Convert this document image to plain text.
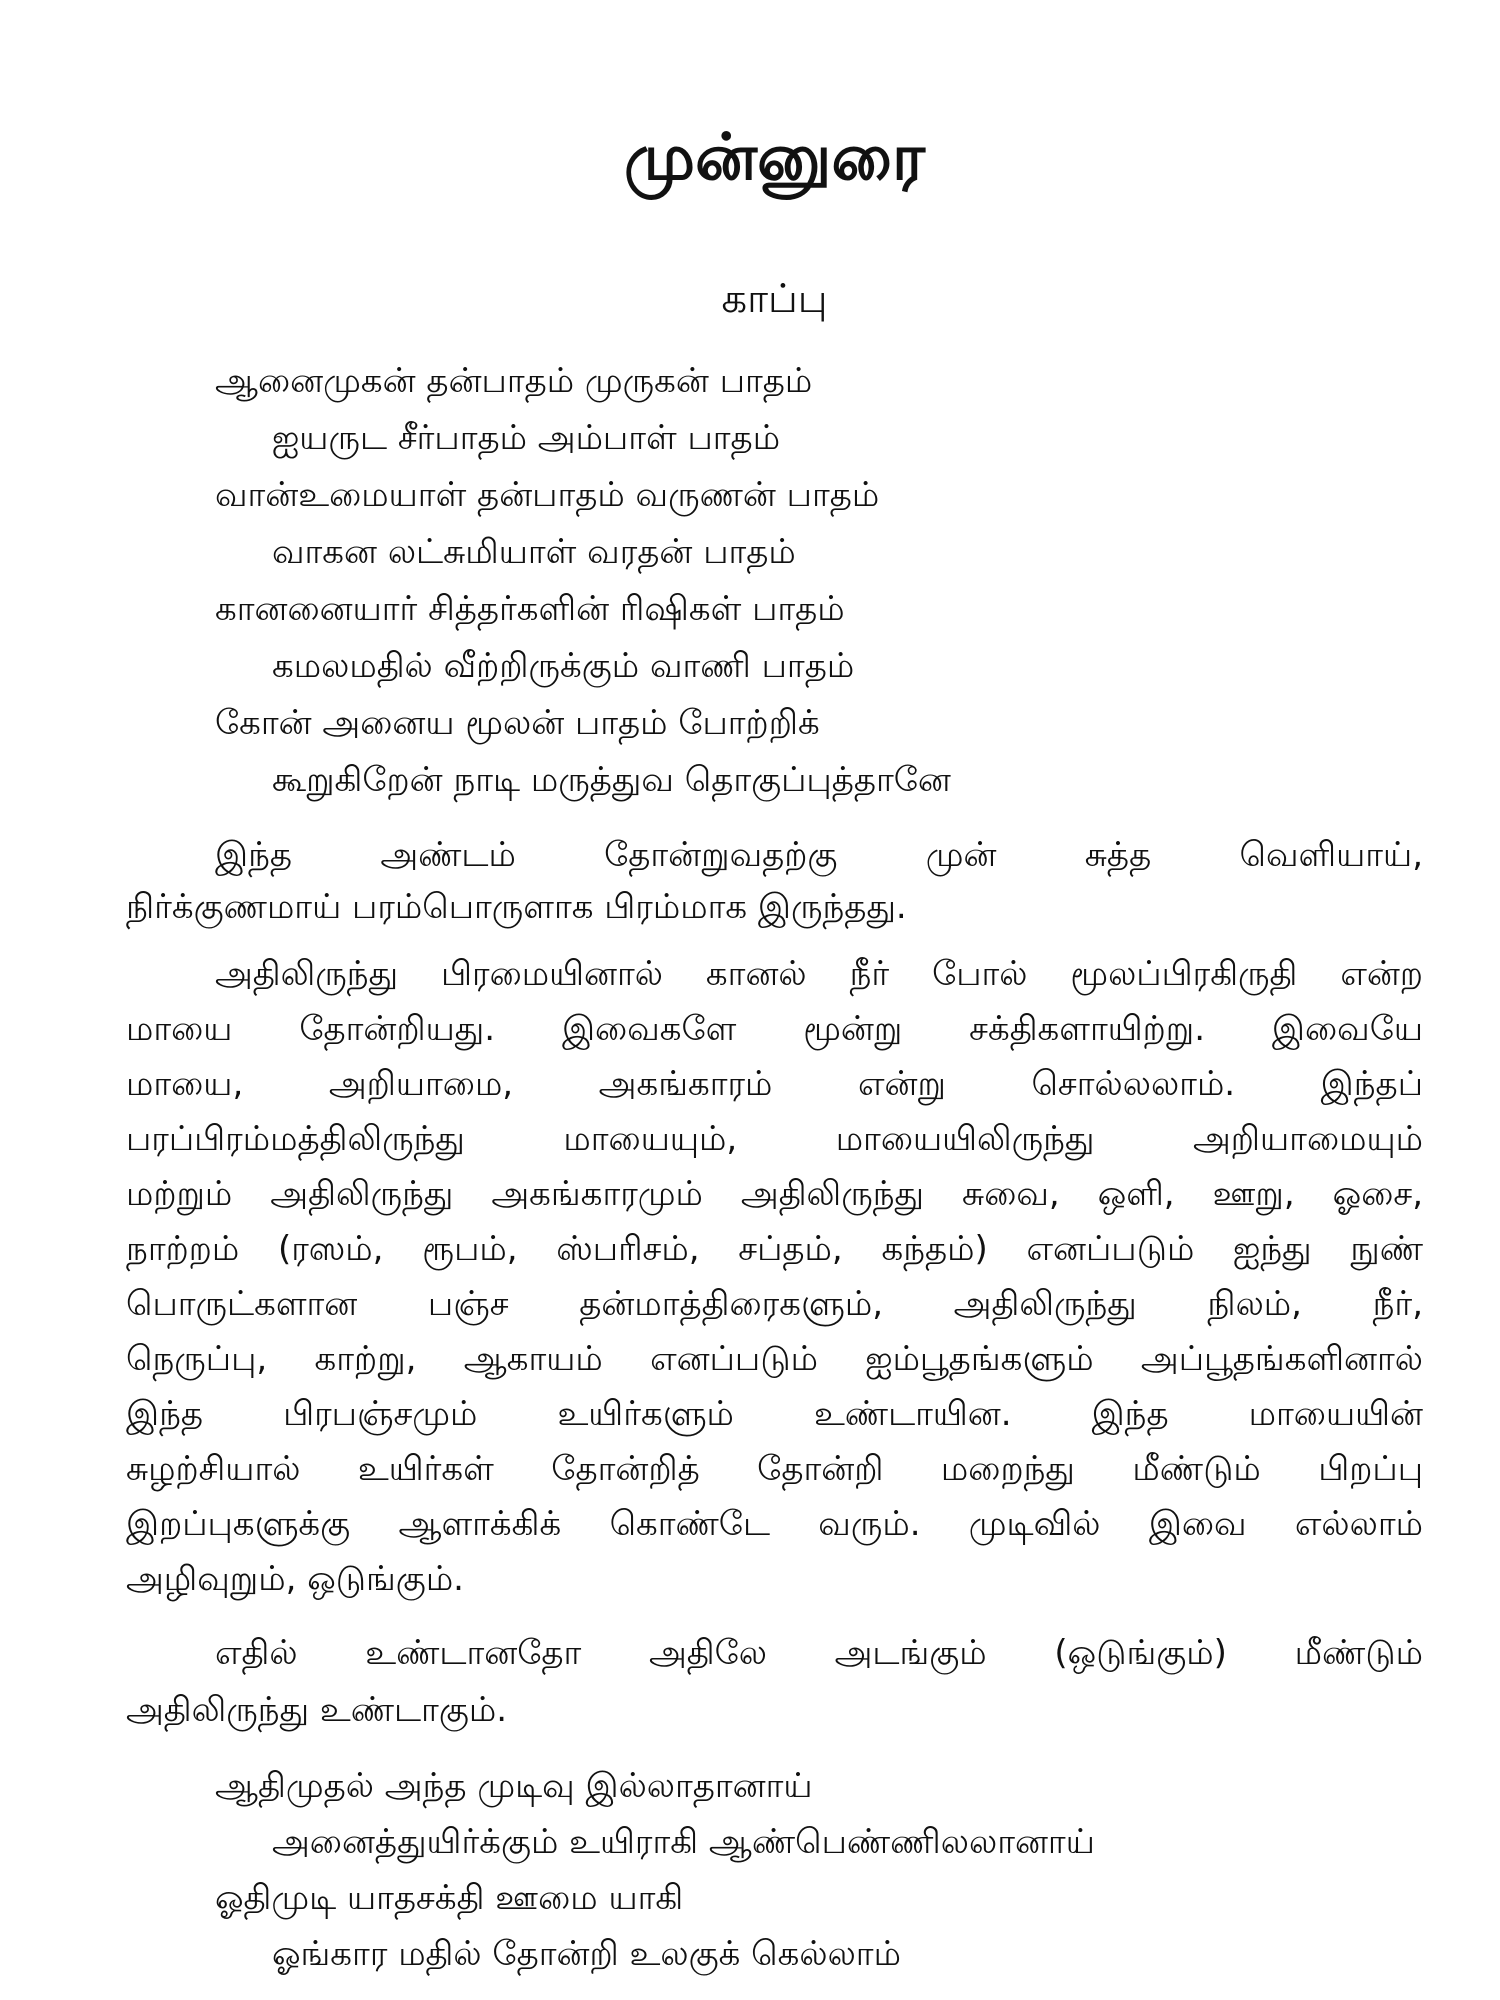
முன்னுரை
காப்பு
ஆனைமுகன் தன்பாதம் முருகன் பாதம்
ஐயருட சீர்பாதம் அம்பாள் பாதம்
வான்உமையாள் தன்பாதம் வருணன் பாதம்
வாகன லட்சுமியாள் வரதன் பாதம்
கானனையார் சித்தர்களின் ரிஷிகள் பாதம்
கமலமதில் வீற்றிருக்கும் வாணி பாதம்
கோன் அனைய மூலன் பாதம் போற்றிக்
கூறுகிறேன் நாடி மருத்துவ தொகுப்புத்தானே
இந்த அண்டம் தோன்றுவதற்கு முன் சுத்த வெளியாய்,
நிர்க்குணமாய் பரம்பொருளாக பிரம்மாக இருந்தது.
அதிலிருந்து பிரமையினால் கானல் நீர் போல் மூலப்பிரகிருதி என்ற
மாயை தோன்றியது. இவைகளே மூன்று சக்திகளாயிற்று. இவையே
மாயை, அறியாமை, அகங்காரம் என்று சொல்லலாம். இந்தப்
பரப்பிரம்மத்திலிருந்து மாயையும், மாயையிலிருந்து அறியாமையும்
மற்றும் அதிலிருந்து அகங்காரமும் அதிலிருந்து சுவை, ஒளி, ஊறு, ஓசை,
நாற்றம் (ரஸம், ரூபம், ஸ்பரிசம், சப்தம், கந்தம்) எனப்படும் ஐந்து நுண்
பொருட்களான பஞ்ச தன்மாத்திரைகளும், அதிலிருந்து நிலம், நீர்,
நெருப்பு, காற்று, ஆகாயம் எனப்படும் ஐம்பூதங்களும் அப்பூதங்களினால்
இந்த பிரபஞ்சமும் உயிர்களும் உண்டாயின. இந்த மாயையின்
சுழற்சியால் உயிர்கள் தோன்றித் தோன்றி மறைந்து மீண்டும் பிறப்பு
இறப்புகளுக்கு ஆளாக்கிக் கொண்டே வரும். முடிவில் இவை எல்லாம்
அழிவுறும், ஒடுங்கும்.
எதில் உண்டானதோ அதிலே அடங்கும் (ஒடுங்கும்) மீண்டும்
அதிலிருந்து உண்டாகும்.
ஆதிமுதல் அந்த முடிவு இல்லாதானாய்
அனைத்துயிர்க்கும் உயிராகி ஆண்பெண்ணிலலானாய்
ஓதிமுடி யாதசக்தி ஊமை யாகி
ஓங்கார மதில் தோன்றி உலகுக் கெல்லாம்
